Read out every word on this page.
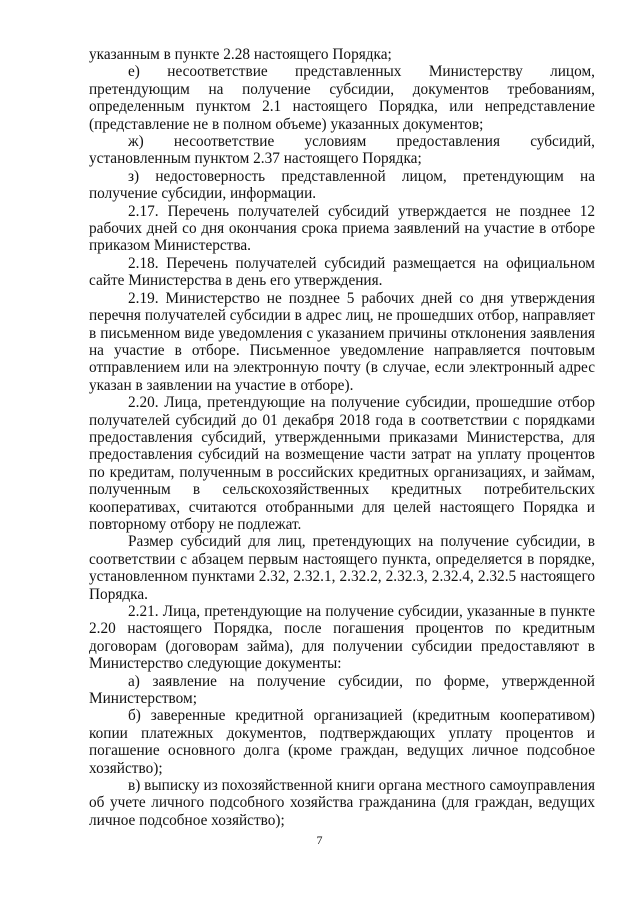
указанным в пункте 2.28 настоящего Порядка;

е) несоответствие представленных Министерству лицом, претендующим на получение субсидии, документов требованиям, определенным пунктом 2.1 настоящего Порядка, или непредставление (представление не в полном объеме) указанных документов;

ж) несоответствие условиям предоставления субсидий, установленным пунктом 2.37 настоящего Порядка;

з) недостоверность представленной лицом, претендующим на получение субсидии, информации.

2.17. Перечень получателей субсидий утверждается не позднее 12 рабочих дней со дня окончания срока приема заявлений на участие в отборе приказом Министерства.

2.18. Перечень получателей субсидий размещается на официальном сайте Министерства в день его утверждения.

2.19. Министерство не позднее 5 рабочих дней со дня утверждения перечня получателей субсидии в адрес лиц, не прошедших отбор, направляет в письменном виде уведомления с указанием причины отклонения заявления на участие в отборе. Письменное уведомление направляется почтовым отправлением или на электронную почту (в случае, если электронный адрес указан в заявлении на участие в отборе).

2.20. Лица, претендующие на получение субсидии, прошедшие отбор получателей субсидий до 01 декабря 2018 года в соответствии с порядками предоставления субсидий, утвержденными приказами Министерства, для предоставления субсидий на возмещение части затрат на уплату процентов по кредитам, полученным в российских кредитных организациях, и займам, полученным в сельскохозяйственных кредитных потребительских кооперативах, считаются отобранными для целей настоящего Порядка и повторному отбору не подлежат.

Размер субсидий для лиц, претендующих на получение субсидии, в соответствии с абзацем первым настоящего пункта, определяется в порядке, установленном пунктами 2.32, 2.32.1, 2.32.2, 2.32.3, 2.32.4, 2.32.5 настоящего Порядка.

2.21. Лица, претендующие на получение субсидии, указанные в пункте 2.20 настоящего Порядка, после погашения процентов по кредитным договорам (договорам займа), для получении субсидии предоставляют в Министерство следующие документы:

а) заявление на получение субсидии, по форме, утвержденной Министерством;

б) заверенные кредитной организацией (кредитным кооперативом) копии платежных документов, подтверждающих уплату процентов и погашение основного долга (кроме граждан, ведущих личное подсобное хозяйство);

в) выписку из похозяйственной книги органа местного самоуправления об учете личного подсобного хозяйства гражданина (для граждан, ведущих личное подсобное хозяйство);

7
